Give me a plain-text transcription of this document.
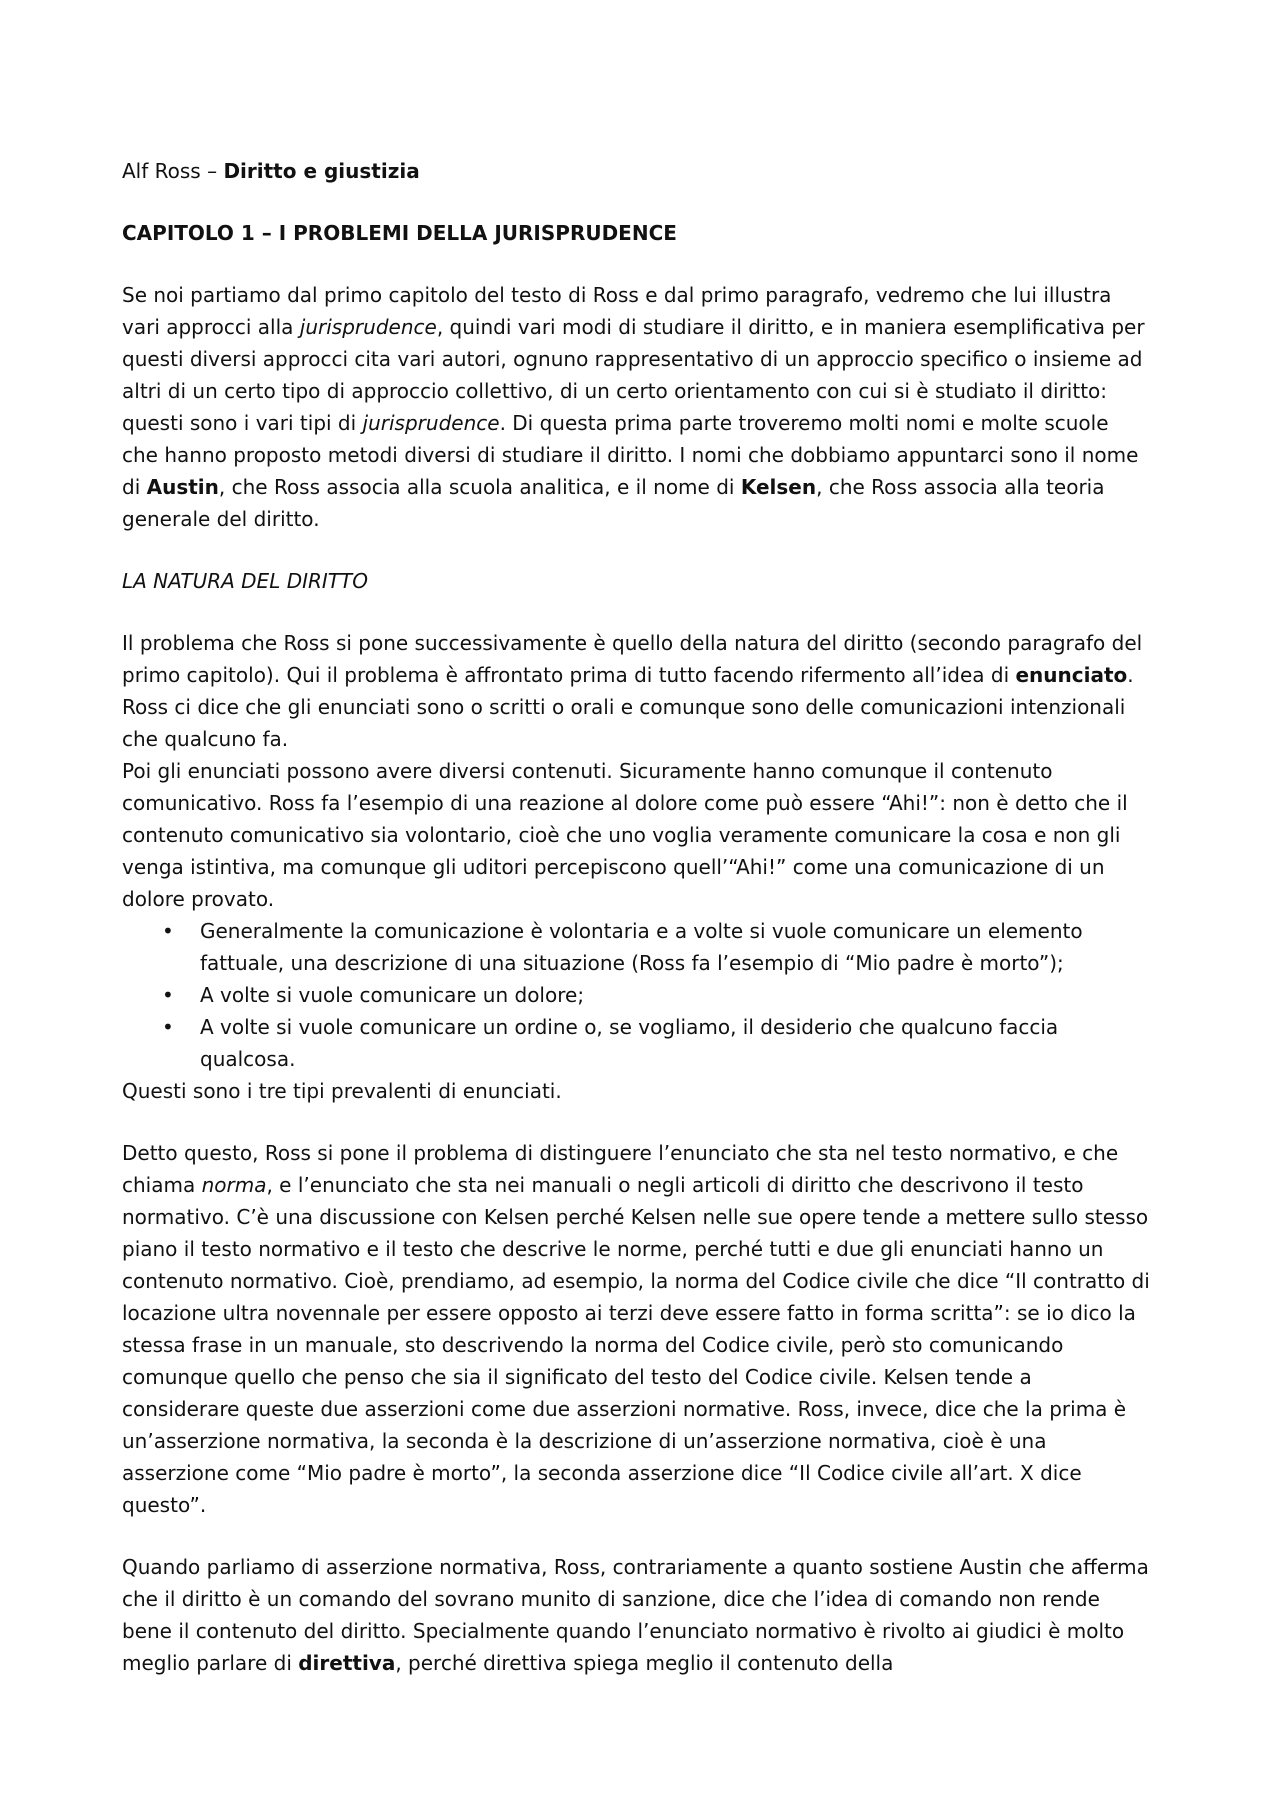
Alf Ross – Diritto e giustizia

CAPITOLO 1 – I PROBLEMI DELLA JURISPRUDENCE

Se noi partiamo dal primo capitolo del testo di Ross e dal primo paragrafo, vedremo che lui illustra vari approcci alla jurisprudence, quindi vari modi di studiare il diritto, e in maniera esemplificativa per questi diversi approcci cita vari autori, ognuno rappresentativo di un approccio specifico o insieme ad altri di un certo tipo di approccio collettivo, di un certo orientamento con cui si è studiato il diritto: questi sono i vari tipi di jurisprudence. Di questa prima parte troveremo molti nomi e molte scuole che hanno proposto metodi diversi di studiare il diritto. I nomi che dobbiamo appuntarci sono il nome di Austin, che Ross associa alla scuola analitica, e il nome di Kelsen, che Ross associa alla teoria generale del diritto.

LA NATURA DEL DIRITTO

Il problema che Ross si pone successivamente è quello della natura del diritto (secondo paragrafo del primo capitolo). Qui il problema è affrontato prima di tutto facendo rifermento all’idea di enunciato. Ross ci dice che gli enunciati sono o scritti o orali e comunque sono delle comunicazioni intenzionali che qualcuno fa.

Poi gli enunciati possono avere diversi contenuti. Sicuramente hanno comunque il contenuto comunicativo. Ross fa l’esempio di una reazione al dolore come può essere “Ahi!”: non è detto che il contenuto comunicativo sia volontario, cioè che uno voglia veramente comunicare la cosa e non gli venga istintiva, ma comunque gli uditori percepiscono quell’“Ahi!” come una comunicazione di un dolore provato.

• Generalmente la comunicazione è volontaria e a volte si vuole comunicare un elemento fattuale, una descrizione di una situazione (Ross fa l’esempio di “Mio padre è morto”);
• A volte si vuole comunicare un dolore;
• A volte si vuole comunicare un ordine o, se vogliamo, il desiderio che qualcuno faccia qualcosa.

Questi sono i tre tipi prevalenti di enunciati.

Detto questo, Ross si pone il problema di distinguere l’enunciato che sta nel testo normativo, e che chiama norma, e l’enunciato che sta nei manuali o negli articoli di diritto che descrivono il testo normativo. C’è una discussione con Kelsen perché Kelsen nelle sue opere tende a mettere sullo stesso piano il testo normativo e il testo che descrive le norme, perché tutti e due gli enunciati hanno un contenuto normativo. Cioè, prendiamo, ad esempio, la norma del Codice civile che dice “Il contratto di locazione ultra novennale per essere opposto ai terzi deve essere fatto in forma scritta”: se io dico la stessa frase in un manuale, sto descrivendo la norma del Codice civile, però sto comunicando comunque quello che penso che sia il significato del testo del Codice civile. Kelsen tende a considerare queste due asserzioni come due asserzioni normative. Ross, invece, dice che la prima è un’asserzione normativa, la seconda è la descrizione di un’asserzione normativa, cioè è una asserzione come “Mio padre è morto”, la seconda asserzione dice “Il Codice civile all’art. X dice questo”.

Quando parliamo di asserzione normativa, Ross, contrariamente a quanto sostiene Austin che afferma che il diritto è un comando del sovrano munito di sanzione, dice che l’idea di comando non rende bene il contenuto del diritto. Specialmente quando l’enunciato normativo è rivolto ai giudici è molto meglio parlare di direttiva, perché direttiva spiega meglio il contenuto della
